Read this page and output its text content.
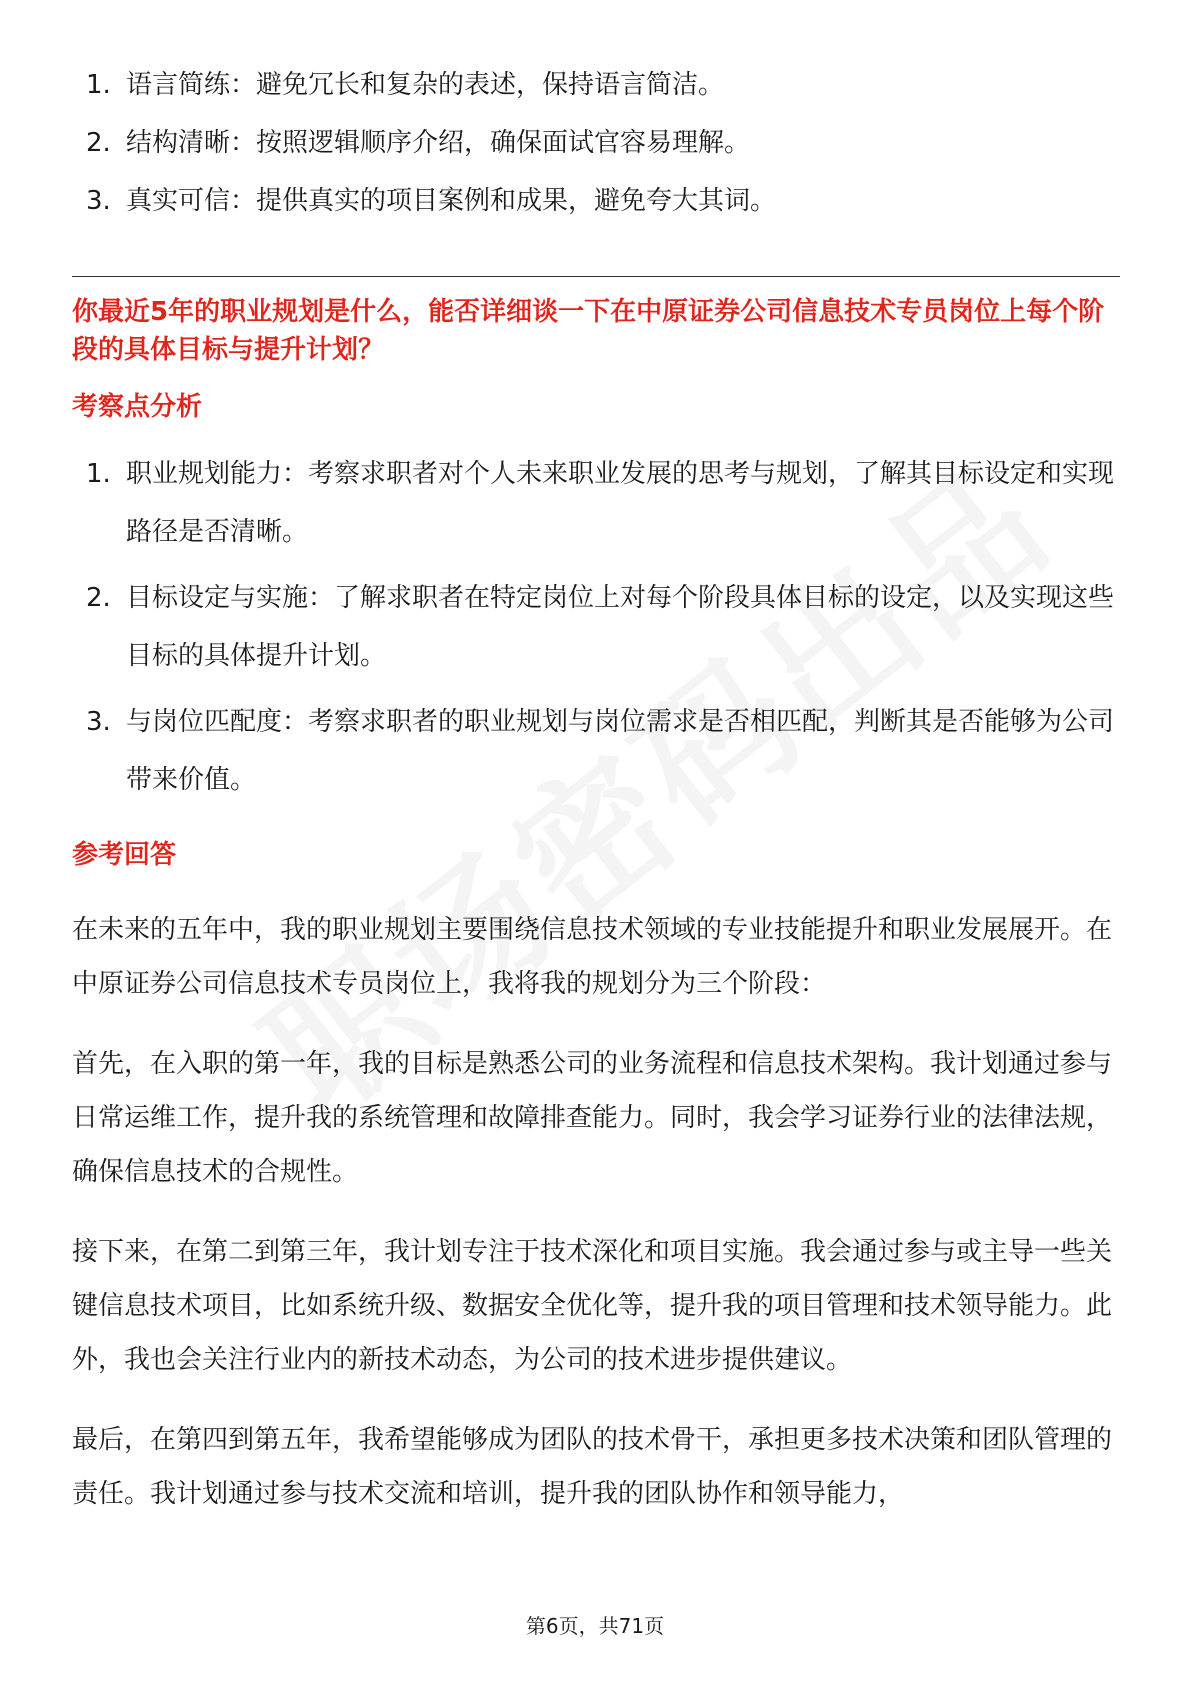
1. 语言简练：避免冗长和复杂的表述，保持语言简洁。
2. 结构清晰：按照逻辑顺序介绍，确保面试官容易理解。
3. 真实可信：提供真实的项目案例和成果，避免夸大其词。

你最近5年的职业规划是什么，能否详细谈一下在中原证券公司信息技术专员岗位上每个阶段的具体目标与提升计划？

考察点分析
1. 职业规划能力：考察求职者对个人未来职业发展的思考与规划，了解其目标设定和实现路径是否清晰。
2. 目标设定与实施：了解求职者在特定岗位上对每个阶段具体目标的设定，以及实现这些目标的具体提升计划。
3. 与岗位匹配度：考察求职者的职业规划与岗位需求是否相匹配，判断其是否能够为公司带来价值。
参考回答

在未来的五年中，我的职业规划主要围绕信息技术领域的专业技能提升和职业发展展开。在中原证券公司信息技术专员岗位上，我将我的规划分为三个阶段：

首先，在入职的第一年，我的目标是熟悉公司的业务流程和信息技术架构。我计划通过参与日常运维工作，提升我的系统管理和故障排查能力。同时，我会学习证券行业的法律法规，确保信息技术的合规性。

接下来，在第二到第三年，我计划专注于技术深化和项目实施。我会通过参与或主导一些关键信息技术项目，比如系统升级、数据安全优化等，提升我的项目管理和技术领导能力。此外，我也会关注行业内的新技术动态，为公司的技术进步提供建议。

最后，在第四到第五年，我希望能够成为团队的技术骨干，承担更多技术决策和团队管理的责任。我计划通过参与技术交流和培训，提升我的团队协作和领导能力，

第6页，共71页
